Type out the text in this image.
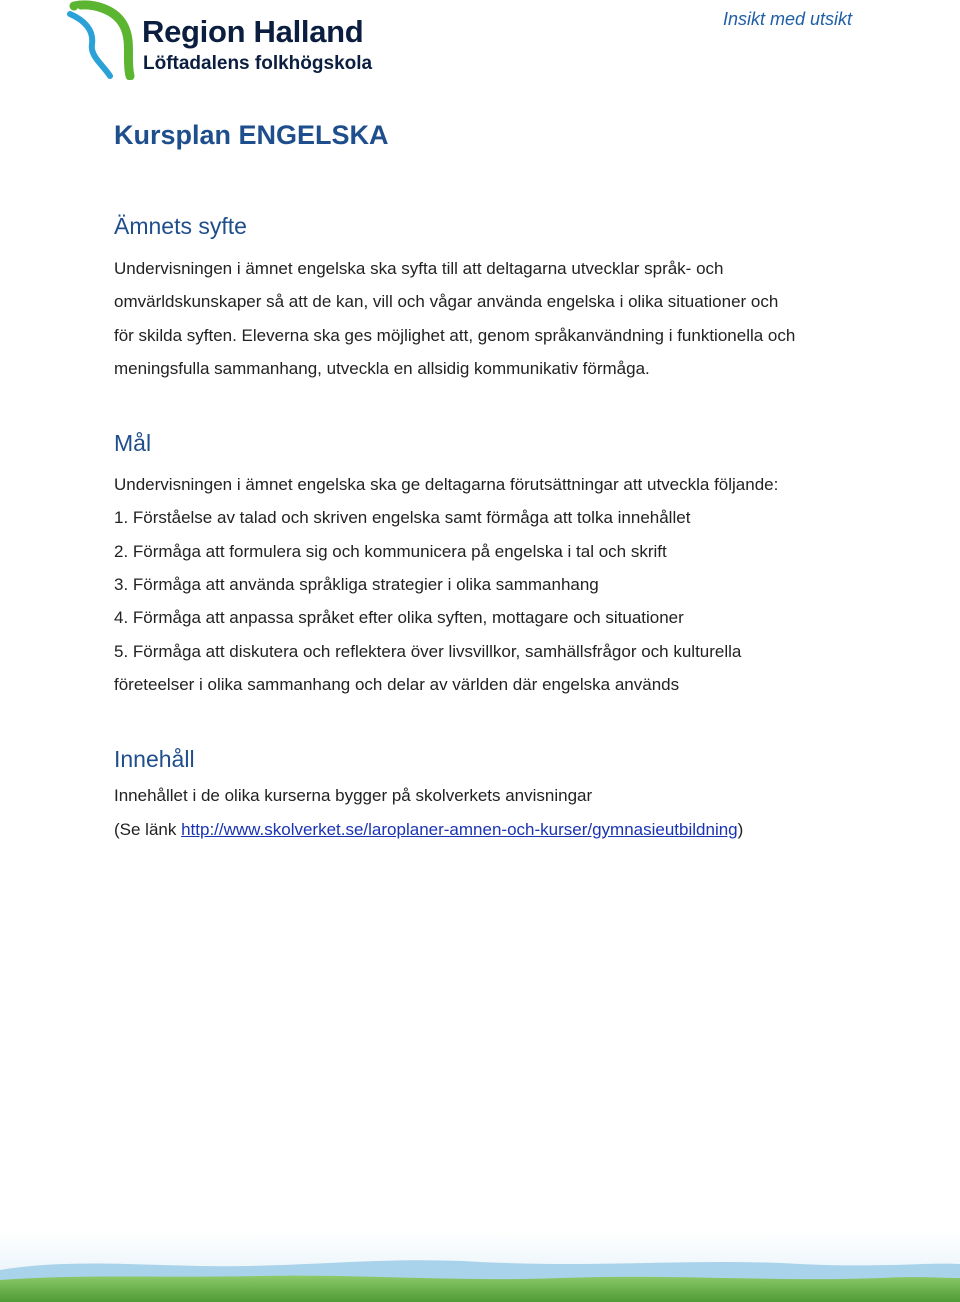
Region Halland
Löftadalens folkhögskola
Insikt med utsikt
Kursplan ENGELSKA
Ämnets syfte
Undervisningen i ämnet engelska ska syfta till att deltagarna utvecklar språk- och
omvärldskunskaper så att de kan, vill och vågar använda engelska i olika situationer och
för skilda syften. Eleverna ska ges möjlighet att, genom språkanvändning i funktionella och
meningsfulla sammanhang, utveckla en allsidig kommunikativ förmåga.
Mål
Undervisningen i ämnet engelska ska ge deltagarna förutsättningar att utveckla följande:
1. Förståelse av talad och skriven engelska samt förmåga att tolka innehållet
2. Förmåga att formulera sig och kommunicera på engelska i tal och skrift
3. Förmåga att använda språkliga strategier i olika sammanhang
4. Förmåga att anpassa språket efter olika syften, mottagare och situationer
5. Förmåga att diskutera och reflektera över livsvillkor, samhällsfrågor och kulturella
företeelser i olika sammanhang och delar av världen där engelska används
Innehåll
Innehållet i de olika kurserna bygger på skolverkets anvisningar
(Se länk http://www.skolverket.se/laroplaner-amnen-och-kurser/gymnasieutbildning)
